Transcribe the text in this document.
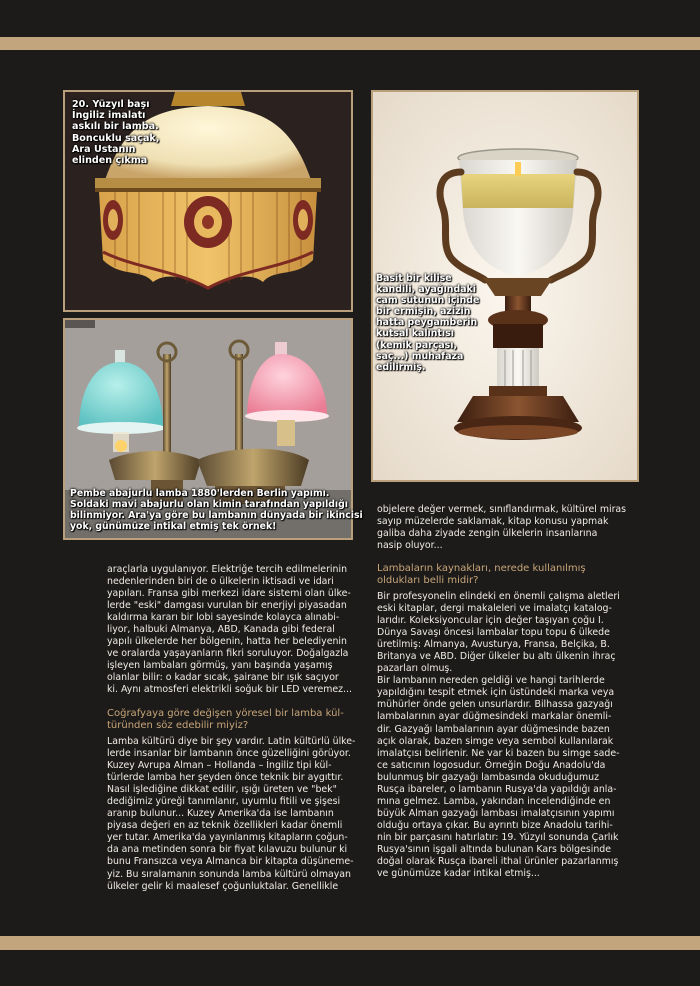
20. Yüzyıl başı
İngiliz imalatı
askılı bir lamba.
Boncuklu saçak,
Ara Ustanın
elinden çıkma
Pembe abajurlu lamba 1880'lerden Berlin yapımı.
Soldaki mavi abajurlu olan kimin tarafından yapıldığı
bilinmiyor. Ara'ya göre bu lambanın dünyada bir ikincisi
yok, günümüze intikal etmiş tek örnek!
Basit bir kilise
kandili, ayağındaki
cam sütunun içinde
bir ermişin, azizin
hatta peygamberin
kutsal kalıntısı
(kemik parçası,
saç...) muhafaza
edilirmiş.
araçlarla uygulanıyor. Elektriğe tercih edilmelerinin
nedenlerinden biri de o ülkelerin iktisadi ve idari
yapıları. Fransa gibi merkezi idare sistemi olan ülke-
lerde "eski" damgası vurulan bir enerjiyi piyasadan
kaldırma kararı bir lobi sayesinde kolayca alınabi-
liyor, halbuki Almanya, ABD, Kanada gibi federal
yapılı ülkelerde her bölgenin, hatta her belediyenin
ve oralarda yaşayanların fikri soruluyor. Doğalgazla
işleyen lambaları görmüş, yanı başında yaşamış
olanlar bilir: o kadar sıcak, şairane bir ışık saçıyor
ki. Aynı atmosferi elektrikli soğuk bir LED veremez...
Coğrafyaya göre değişen yöresel bir lamba kül-
türünden söz edebilir miyiz?
Lamba kültürü diye bir şey vardır. Latin kültürlü ülke-
lerde insanlar bir lambanın önce güzelliğini görüyor.
Kuzey Avrupa Alman – Hollanda – İngiliz tipi kül-
türlerde lamba her şeyden önce teknik bir aygıttır.
Nasıl işlediğine dikkat edilir, ışığı üreten ve "bek"
dediğimiz yüreği tanımlanır, uyumlu fitili ve şişesi
aranıp bulunur... Kuzey Amerika'da ise lambanın
piyasa değeri en az teknik özellikleri kadar önemli
yer tutar. Amerika'da yayınlanmış kitapların çoğun-
da ana metinden sonra bir fiyat kılavuzu bulunur ki
bunu Fransızca veya Almanca bir kitapta düşüneme-
yiz. Bu sıralamanın sonunda lamba kültürü olmayan
ülkeler gelir ki maalesef çoğunluktalar. Genellikle
objelere değer vermek, sınıflandırmak, kültürel miras
sayıp müzelerde saklamak, kitap konusu yapmak
galiba daha ziyade zengin ülkelerin insanlarına
nasip oluyor...
Lambaların kaynakları, nerede kullanılmış
oldukları belli midir?
Bir profesyonelin elindeki en önemli çalışma aletleri
eski kitaplar, dergi makaleleri ve imalatçı katalog-
larıdır. Koleksiyoncular için değer taşıyan çoğu I.
Dünya Savaşı öncesi lambalar topu topu 6 ülkede
üretilmiş: Almanya, Avusturya, Fransa, Belçika, B.
Britanya ve ABD. Diğer ülkeler bu altı ülkenin ihraç
pazarları olmuş.
Bir lambanın nereden geldiği ve hangi tarihlerde
yapıldığını tespit etmek için üstündeki marka veya
mühürler önde gelen unsurlardır. Bilhassa gazyağı
lambalarının ayar düğmesindeki markalar önemli-
dir. Gazyağı lambalarının ayar düğmesinde bazen
açık olarak, bazen simge veya sembol kullanılarak
imalatçısı belirlenir. Ne var ki bazen bu simge sade-
ce satıcının logosudur. Örneğin Doğu Anadolu'da
bulunmuş bir gazyağı lambasında okuduğumuz
Rusça ibareler, o lambanın Rusya'da yapıldığı anla-
mına gelmez. Lamba, yakından incelendiğinde en
büyük Alman gazyağı lambası imalatçısının yapımı
olduğu ortaya çıkar. Bu ayrıntı bize Anadolu tarihi-
nin bir parçasını hatırlatır: 19. Yüzyıl sonunda Çarlık
Rusya'sının işgali altında bulunan Kars bölgesinde
doğal olarak Rusça ibareli ithal ürünler pazarlanmış
ve günümüze kadar intikal etmiş...
